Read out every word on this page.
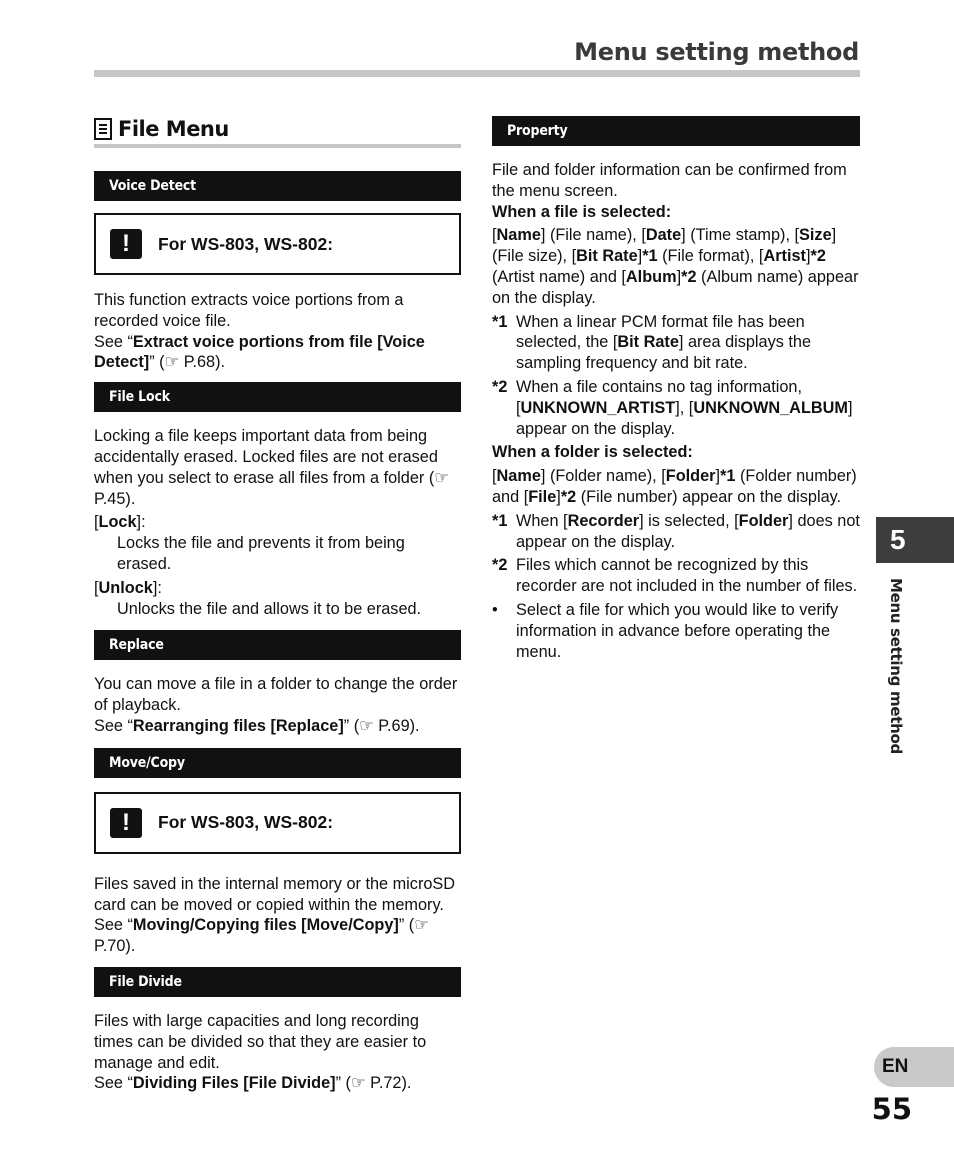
Menu setting method
File Menu
Voice Detect
!	For WS-803, WS-802:

This function extracts voice portions from a recorded voice file.

See “Extract voice portions from file [Voice Detect]” (☞ P.68).

File Lock

Locking a file keeps important data from being accidentally erased. Locked files are not erased when you select to erase all files from a folder (☞ P.45).

[Lock]:

Locks the file and prevents it from being erased.

[Unlock]:

Unlocks the file and allows it to be erased.

Replace

You can move a file in a folder to change the order of playback.

See “Rearranging files [Replace]” (☞ P.69).

Move/Copy
!	For WS-803, WS-802:

Files saved in the internal memory or the microSD card can be moved or copied within the memory.

See “Moving/Copying files [Move/Copy]” (☞ P.70).

File Divide

Files with large capacities and long recording times can be divided so that they are easier to manage and edit.

See “Dividing Files [File Divide]” (☞ P.72).

Property

File and folder information can be confirmed from the menu screen.

When a file is selected:

[Name] (File name), [Date] (Time stamp), [Size] (File size), [Bit Rate]*1 (File format), [Artist]*2 (Artist name) and [Album]*2 (Album name) appear on the display.

*1 When a linear PCM format file has been selected, the [Bit Rate] area displays the sampling frequency and bit rate.
*2 When a file contains no tag information, [UNKNOWN_ARTIST], [UNKNOWN_ALBUM] appear on the display.

When a folder is selected:

[Name] (Folder name), [Folder]*1 (Folder number) and [File]*2 (File number) appear on the display.

*1 When [Recorder] is selected, [Folder] does not appear on the display.
*2 Files which cannot be recognized by this recorder are not included in the number of files.
•	Select a file for which you would like to verify information in advance before operating the menu.
5
Menu setting method
EN
55
